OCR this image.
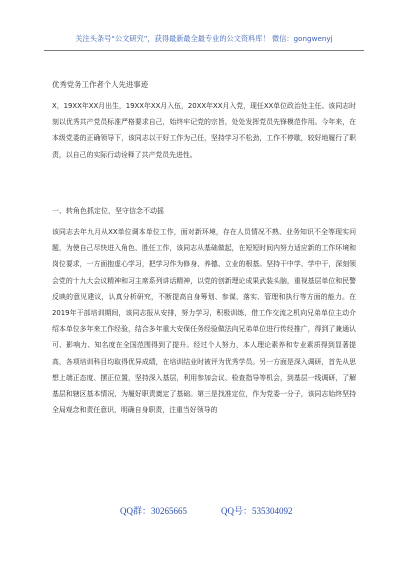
关注头条号“公文研究”，获得最新最全最专业的公文资料库！ 微信：gongwenyj
优秀党务工作者个人先进事迹
X，19XX年XX月出生，19XX年XX月入伍，20XX年XX月入党，现任XX单位政治处主任。该同志时刻以优秀共产党员标准严格要求自己，始终牢记党的宗旨，处处发挥党员先锋模范作用。今年来，在本级党委的正确领导下，该同志以干好工作为己任，坚持学习不松劲，工作不停歇，较好地履行了职责，以自己的实际行动诠释了共产党员先进性。
一、转角色抓定位，坚守信念不动摇
该同志去年九月从XX单位调本单位工作，面对新环境，存在人员情况不熟、业务知识不全等现实问题，为使自己尽快进入角色、胜任工作，该同志从基础做起，在短短时间内努力适应新的工作环境和岗位要求，一方面抱虚心学习，把学习作为修身、养德、立业的根基。坚持干中学、学中干，深刻领会党的十九大会议精神和习主席系列讲话精神，以党的创新理论成果武装头脑，重视基层单位和民警反映的意见建议，认真分析研究，不断提高自身筹划、参谋、落实、管理和执行等方面的能力。在2019年干部培训期间，该同志报从安排，努力学习，积极训练，借工作交流之机向兄弟单位主动介绍本单位多年来工作经验，结合多年重大安保任务经验做法向兄弟单位进行传经推广，得到了兼通认可、影响力、知名度在全国范围得到了提升。经过个人努力，本人理论素养和专业素质得到显著提高，各项培训科目均取得优异成绩，在培训结业时被评为优秀学员。另一方面是深入调研，首先从思想上端正态度、摆正位置，坚持深入基层，利用参加会议、检查指导等机会，到基层一线调研，了解基层和辖区基本情况，为履好职责奠定了基础。第三是找准定位，作为党委一分子，该同志始终坚持全局观念和责任意识，明确自身职责，注重当好领导的
QQ群：30265665	QQ号：535304092
